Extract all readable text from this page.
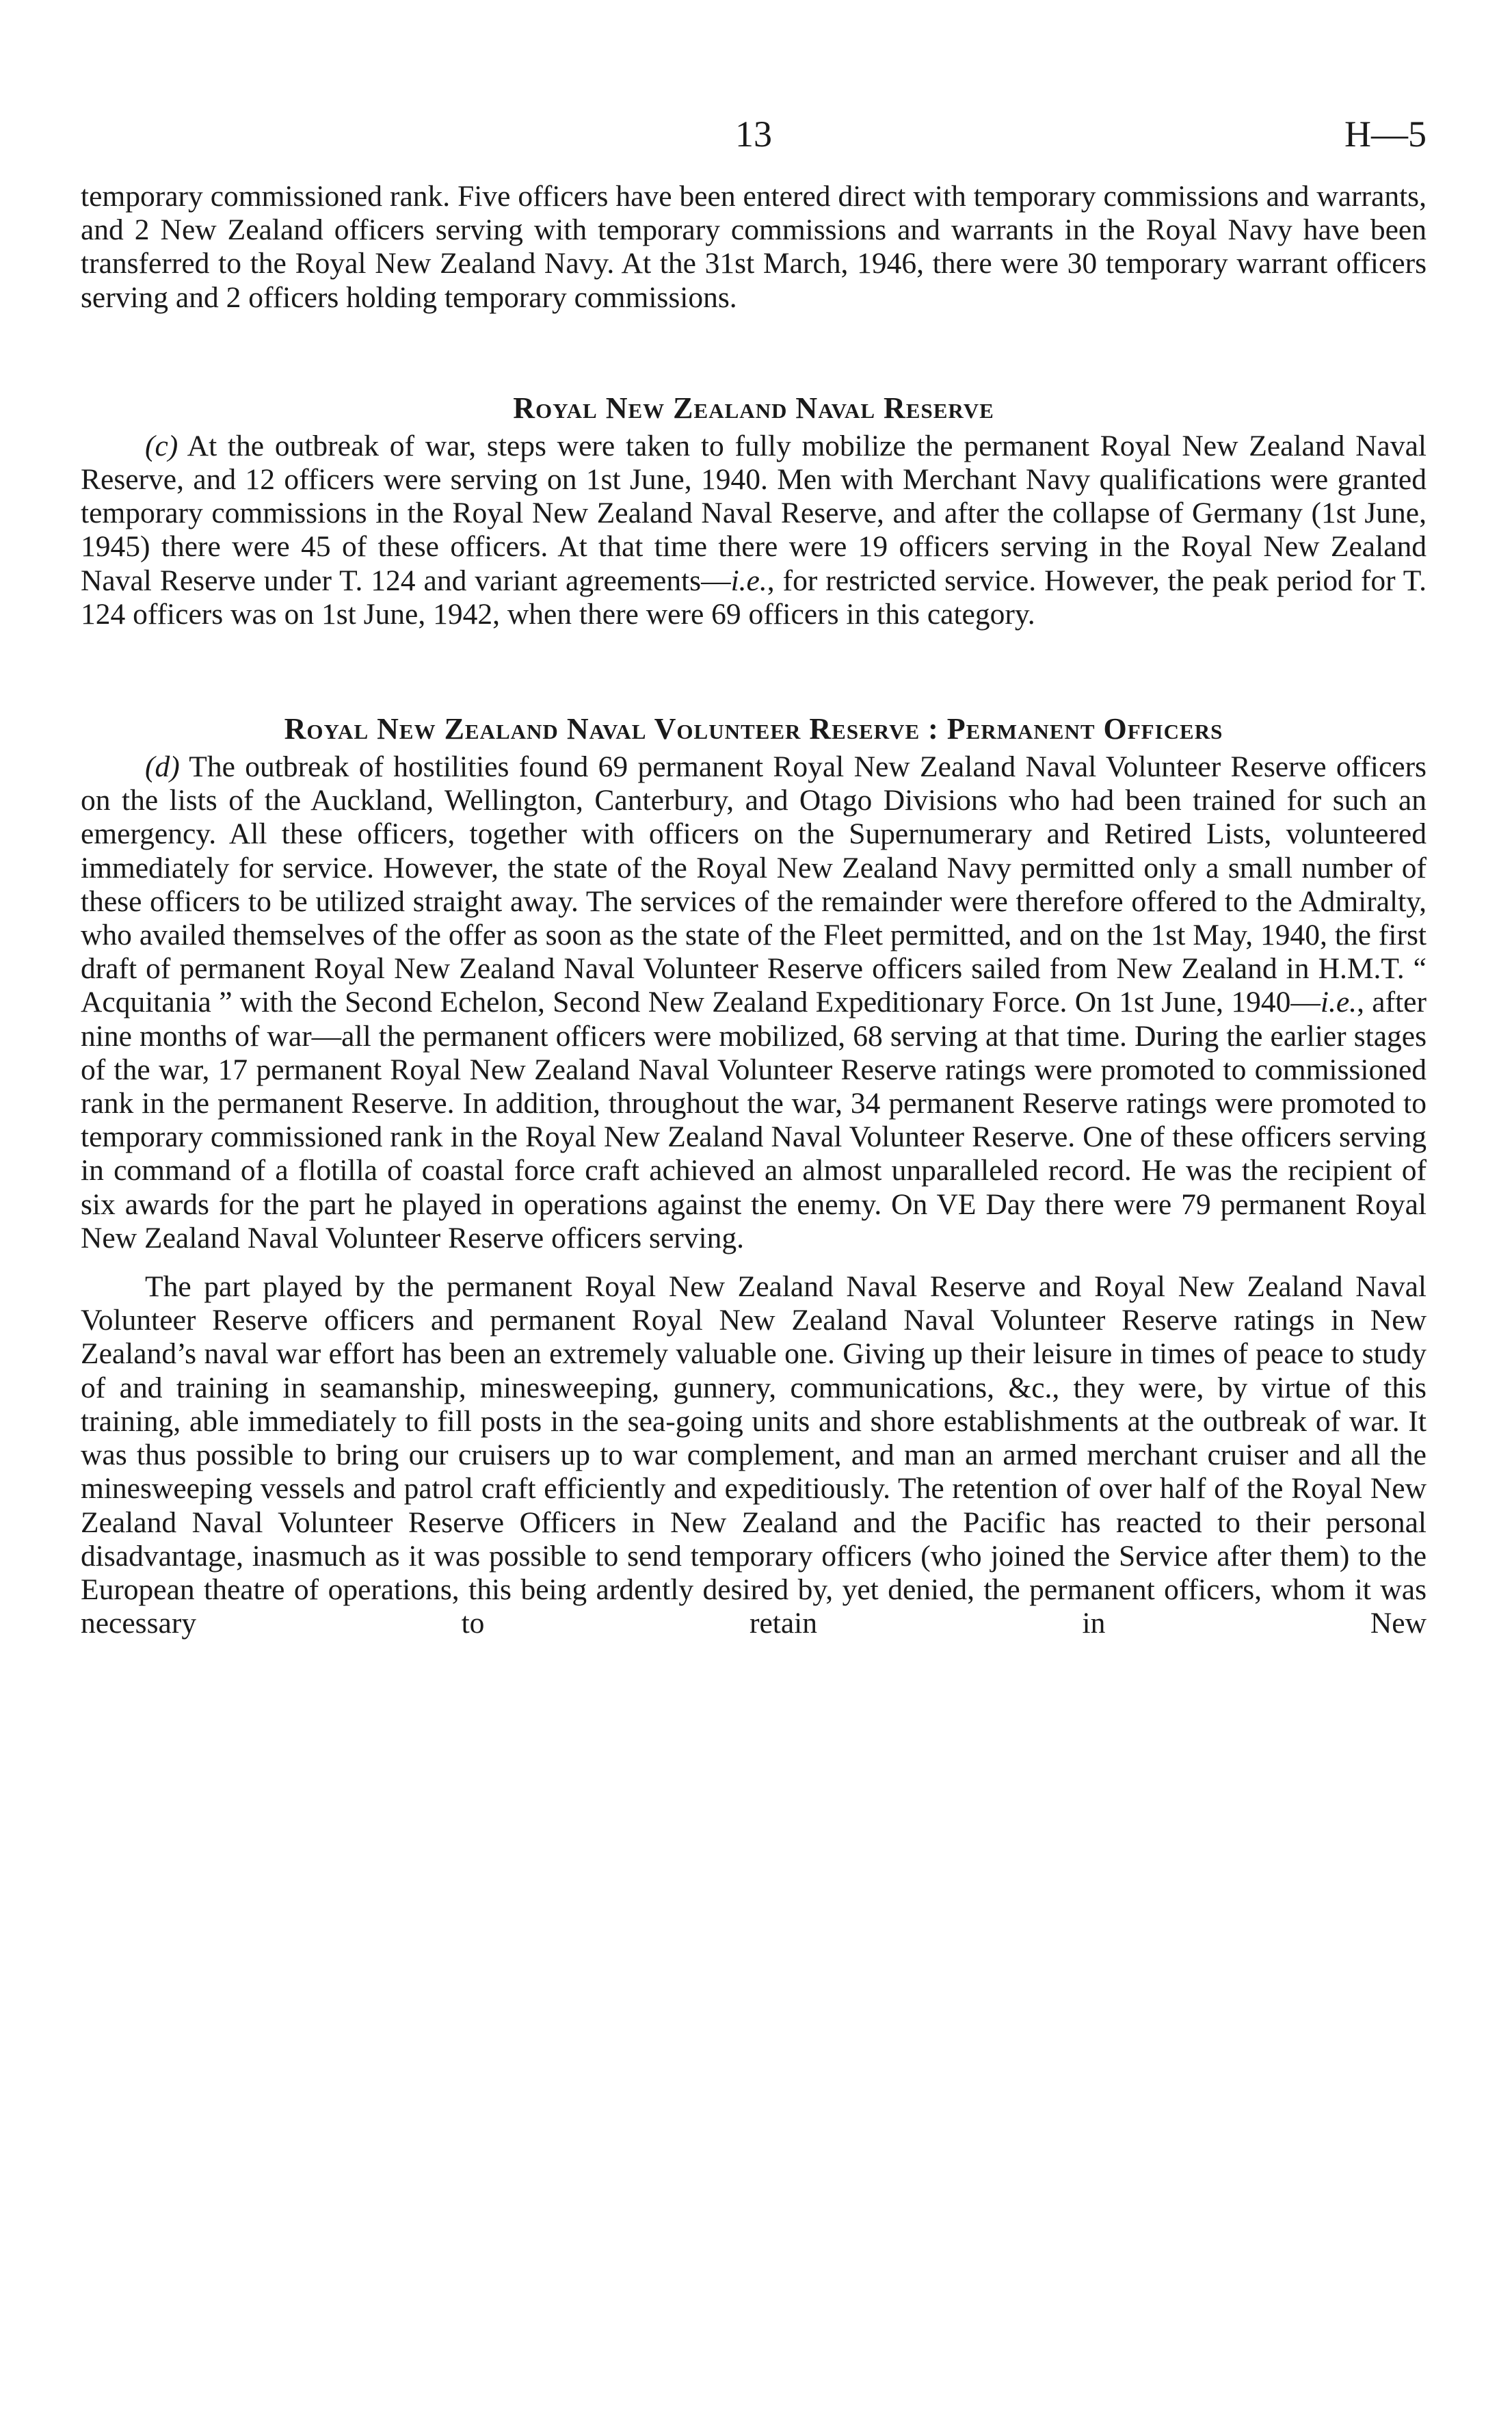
13	H—5

temporary commissioned rank. Five officers have been entered direct with temporary commissions and warrants, and 2 New Zealand officers serving with temporary commissions and warrants in the Royal Navy have been transferred to the Royal New Zealand Navy. At the 31st March, 1946, there were 30 temporary warrant officers serving and 2 officers holding temporary commissions.

Royal New Zealand Naval Reserve

(c) At the outbreak of war, steps were taken to fully mobilize the permanent Royal New Zealand Naval Reserve, and 12 officers were serving on 1st June, 1940. Men with Merchant Navy qualifications were granted temporary commissions in the Royal New Zealand Naval Reserve, and after the collapse of Germany (1st June, 1945) there were 45 of these officers. At that time there were 19 officers serving in the Royal New Zealand Naval Reserve under T. 124 and variant agreements—i.e., for restricted service. However, the peak period for T. 124 officers was on 1st June, 1942, when there were 69 officers in this category.

Royal New Zealand Naval Volunteer Reserve : Permanent Officers

(d) The outbreak of hostilities found 69 permanent Royal New Zealand Naval Volunteer Reserve officers on the lists of the Auckland, Wellington, Canterbury, and Otago Divisions who had been trained for such an emergency. All these officers, together with officers on the Supernumerary and Retired Lists, volunteered immediately for service. However, the state of the Royal New Zealand Navy permitted only a small number of these officers to be utilized straight away. The services of the remainder were therefore offered to the Admiralty, who availed themselves of the offer as soon as the state of the Fleet permitted, and on the 1st May, 1940, the first draft of permanent Royal New Zealand Naval Volunteer Reserve officers sailed from New Zealand in H.M.T. “ Acquitania ” with the Second Echelon, Second New Zealand Expeditionary Force. On 1st June, 1940—i.e., after nine months of war—all the permanent officers were mobilized, 68 serving at that time. During the earlier stages of the war, 17 permanent Royal New Zealand Naval Volunteer Reserve ratings were promoted to commissioned rank in the permanent Reserve. In addition, throughout the war, 34 permanent Reserve ratings were promoted to temporary commissioned rank in the Royal New Zealand Naval Volunteer Reserve. One of these officers serving in command of a flotilla of coastal force craft achieved an almost unparalleled record. He was the recipient of six awards for the part he played in operations against the enemy. On VE Day there were 79 permanent Royal New Zealand Naval Volunteer Reserve officers serving.

The part played by the permanent Royal New Zealand Naval Reserve and Royal New Zealand Naval Volunteer Reserve officers and permanent Royal New Zealand Naval Volunteer Reserve ratings in New Zealand’s naval war effort has been an extremely valuable one. Giving up their leisure in times of peace to study of and training in seamanship, minesweeping, gunnery, communications, &c., they were, by virtue of this training, able immediately to fill posts in the sea-going units and shore establishments at the outbreak of war. It was thus possible to bring our cruisers up to war complement, and man an armed merchant cruiser and all the minesweeping vessels and patrol craft efficiently and expeditiously. The retention of over half of the Royal New Zealand Naval Volunteer Reserve Officers in New Zealand and the Pacific has reacted to their personal disadvantage, inasmuch as it was possible to send temporary officers (who joined the Service after them) to the European theatre of operations, this being ardently desired by, yet denied, the permanent officers, whom it was necessary to retain in New
